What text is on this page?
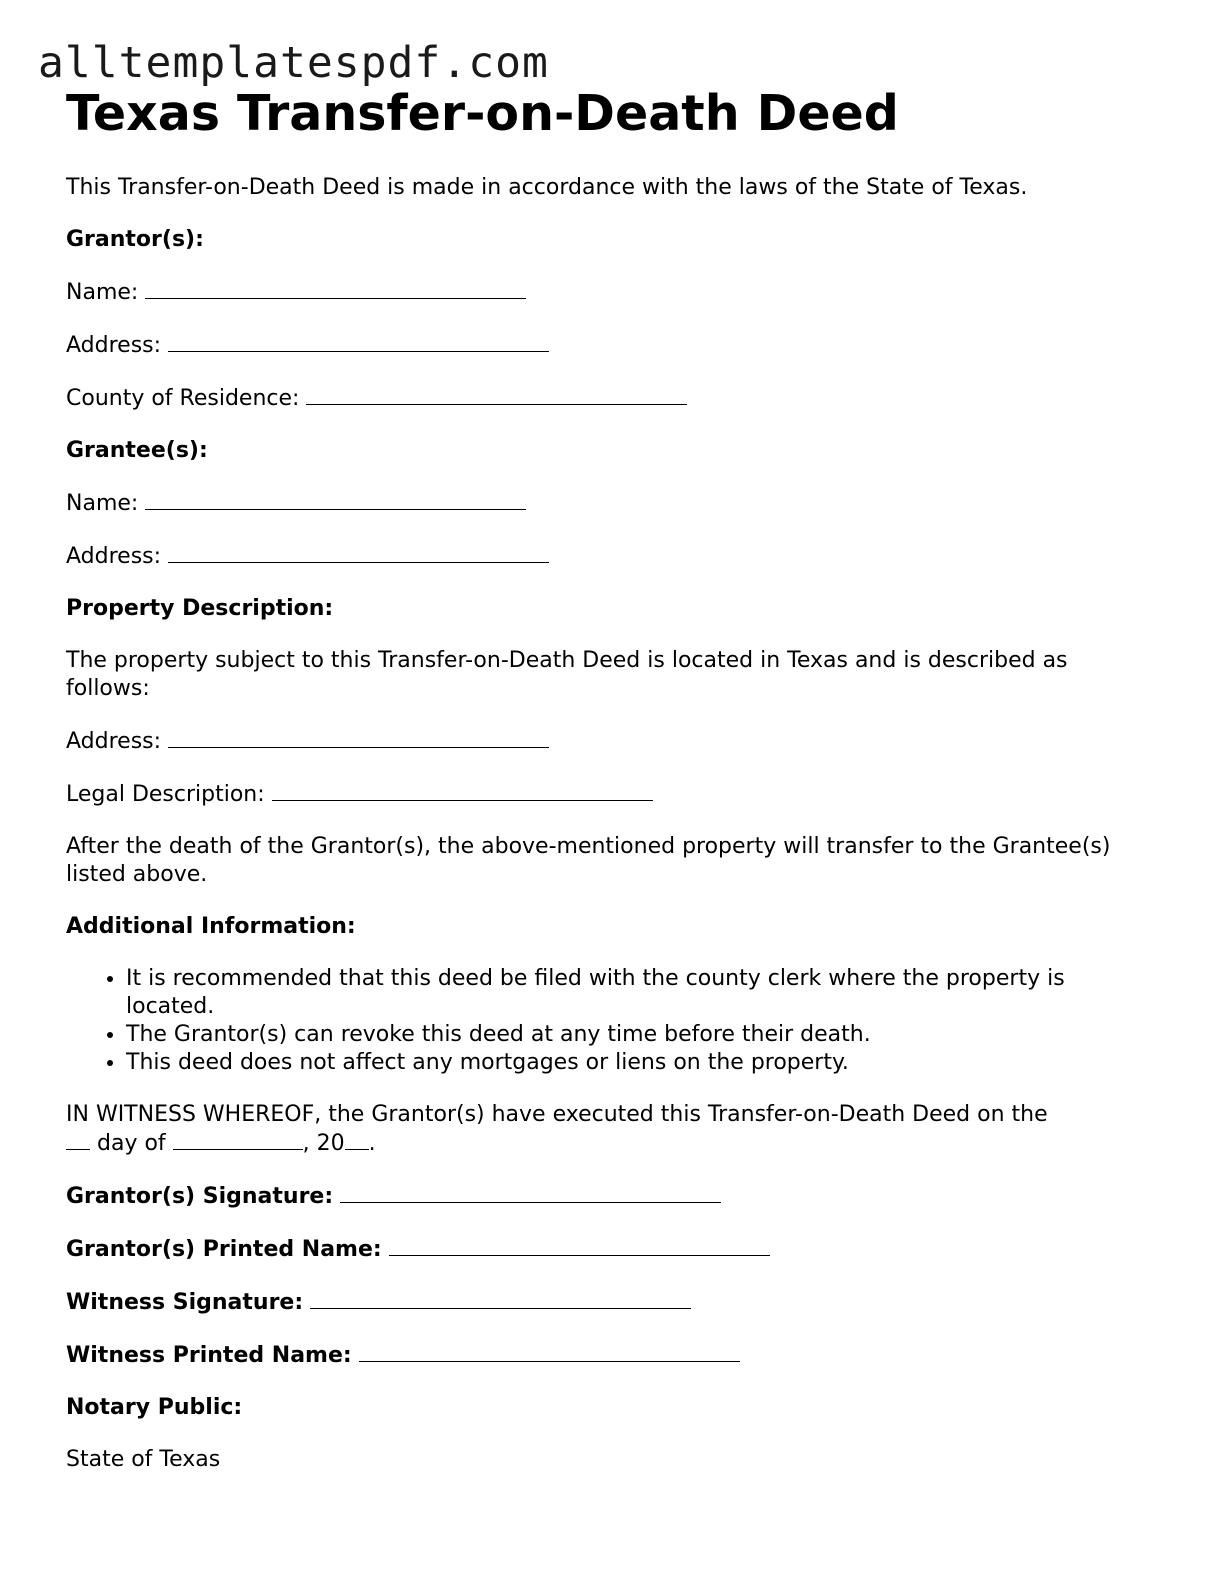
alltemplatespdf.com
Texas Transfer-on-Death Deed

This Transfer-on-Death Deed is made in accordance with the laws of the State of Texas.

Grantor(s):

Name:

Address:

County of Residence:

Grantee(s):

Name:

Address:

Property Description:

The property subject to this Transfer-on-Death Deed is located in Texas and is described as follows:

Address:

Legal Description:

After the death of the Grantor(s), the above-mentioned property will transfer to the Grantee(s) listed above.

Additional Information:

• It is recommended that this deed be filed with the county clerk where the property is located.
• The Grantor(s) can revoke this deed at any time before their death.
• This deed does not affect any mortgages or liens on the property.

IN WITNESS WHEREOF, the Grantor(s) have executed this Transfer-on-Death Deed on the
day of	, 20 .

Grantor(s) Signature:

Grantor(s) Printed Name:

Witness Signature:

Witness Printed Name:

Notary Public:

State of Texas
